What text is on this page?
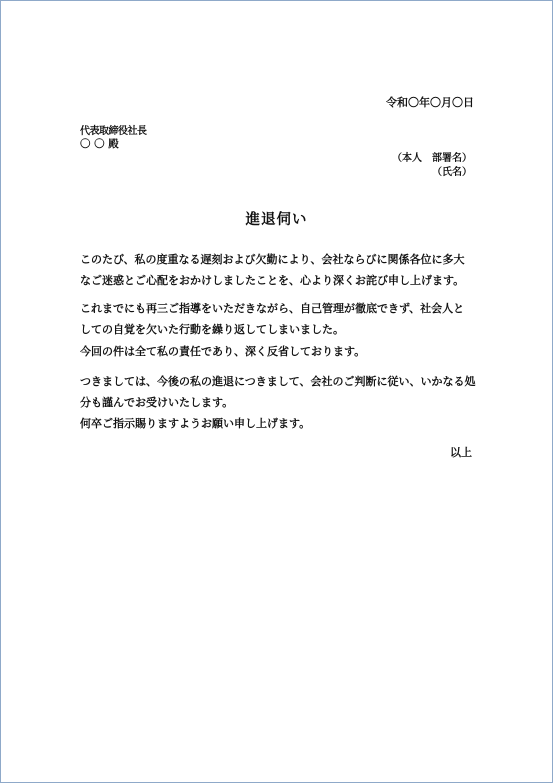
令和〇年〇月〇日
代表取締役社長
〇 〇 殿
（本人　部署名）
（氏名）
進退伺い
このたび、私の度重なる遅刻および欠勤により、会社ならびに関係各位に多大
なご迷惑とご心配をおかけしましたことを、心より深くお詫び申し上げます。
これまでにも再三ご指導をいただきながら、自己管理が徹底できず、社会人と
しての自覚を欠いた行動を繰り返してしまいました。
今回の件は全て私の責任であり、深く反省しております。
つきましては、今後の私の進退につきまして、会社のご判断に従い、いかなる処
分も謹んでお受けいたします。
何卒ご指示賜りますようお願い申し上げます。
以上
